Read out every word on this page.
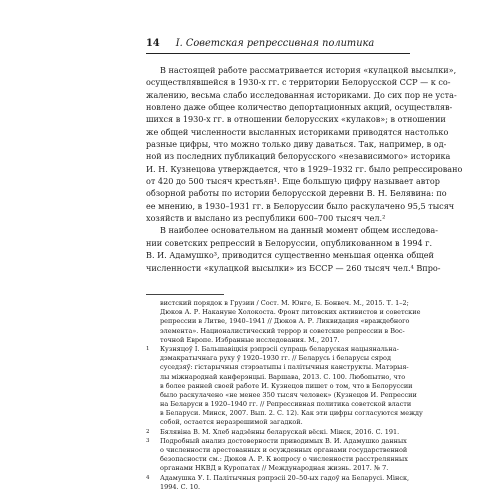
14 I. Советская репрессивная политика
В настоящей работе рассматривается история «кулацкой высылки»,
осуществлявшейся в 1930-х гг. с территории Белорусской ССР — к со-
жалению, весьма слабо исследованная историками. До сих пор не уста-
новлено даже общее количество депортационных акций, осуществляв-
шихся в 1930-х гг. в отношении белорусских «кулаков»; в отношении
же общей численности высланных историками приводятся настолько
разные цифры, что можно только диву даваться. Так, например, в од-
ной из последних публикаций белорусского «независимого» историка
И. Н. Кузнецова утверждается, что в 1929–1932 гг. было репрессировано
от 420 до 500 тысяч крестьян¹. Еще большую цифру называет автор
обзорной работы по истории белорусской деревни В. Н. Белявина: по
ее мнению, в 1930–1931 гг. в Белоруссии было раскулачено 95,5 тысяч
хозяйств и выслано из республики 600–700 тысяч чел.²
В наиболее основательном на данный момент общем исследова-
нии советских репрессий в Белоруссии, опубликованном в 1994 г.
В. И. Адамушко³, приводится существенно меньшая оценка общей
численности «кулацкой высылки» из БССР — 260 тысяч чел.⁴ Впро-
вистский порядок в Грузии / Сост. М. Юнге, Б. Бонвеч. М., 2015. Т. 1–2;
Дюков А. Р. Накануне Холокоста. Фронт литовских активистов и советские
репрессии в Литве, 1940–1941 // Дюков А. Р. Ликвидация «враждебного
элемента». Националистический террор и советские репрессии в Вос-
точной Европе. Избранные исследования. М., 2017.
1	Кузняцоў І. Бальшавіцкія рэпрэсіі супраць беларуская нацыянальна-
дэмакратычнага руху ў 1920–1930 гг. // Беларусь і беларусы сярод
суседзяў: гістарычныя стэрэатыпы і палітычныя канструкты. Матэрыя-
лы міжнароднай канферэнцыі. Варшава, 2013. С. 100. Любопытно, что
в более ранней своей работе И. Кузнецов пишет о том, что в Белоруссии
было раскулачено «не менее 350 тысяч человек» (Кузнецов И. Репрессии
на Беларуси в 1920–1940 гг. // Репрессивная политика советской власти
в Беларуси. Минск, 2007. Вып. 2. С. 12). Как эти цифры согласуются между
собой, остается неразрешимой загадкой.
2	Бялявіна В. М. Хлеб надзённы беларускай вёскі. Мінск, 2016. С. 191.
3	Подробный анализ достоверности приводимых В. И. Адамушко данных
о численности арестованных и осужденных органами государственной
безопасности см.: Дюков А. Р. К вопросу о численности расстрелянных
органами НКВД в Куропатах // Международная жизнь. 2017. № 7.
4	Адамушка У. І. Палітычныя рэпрэсіі 20–50-ых гадоў на Беларусі. Мінск,
1994. С. 10.
